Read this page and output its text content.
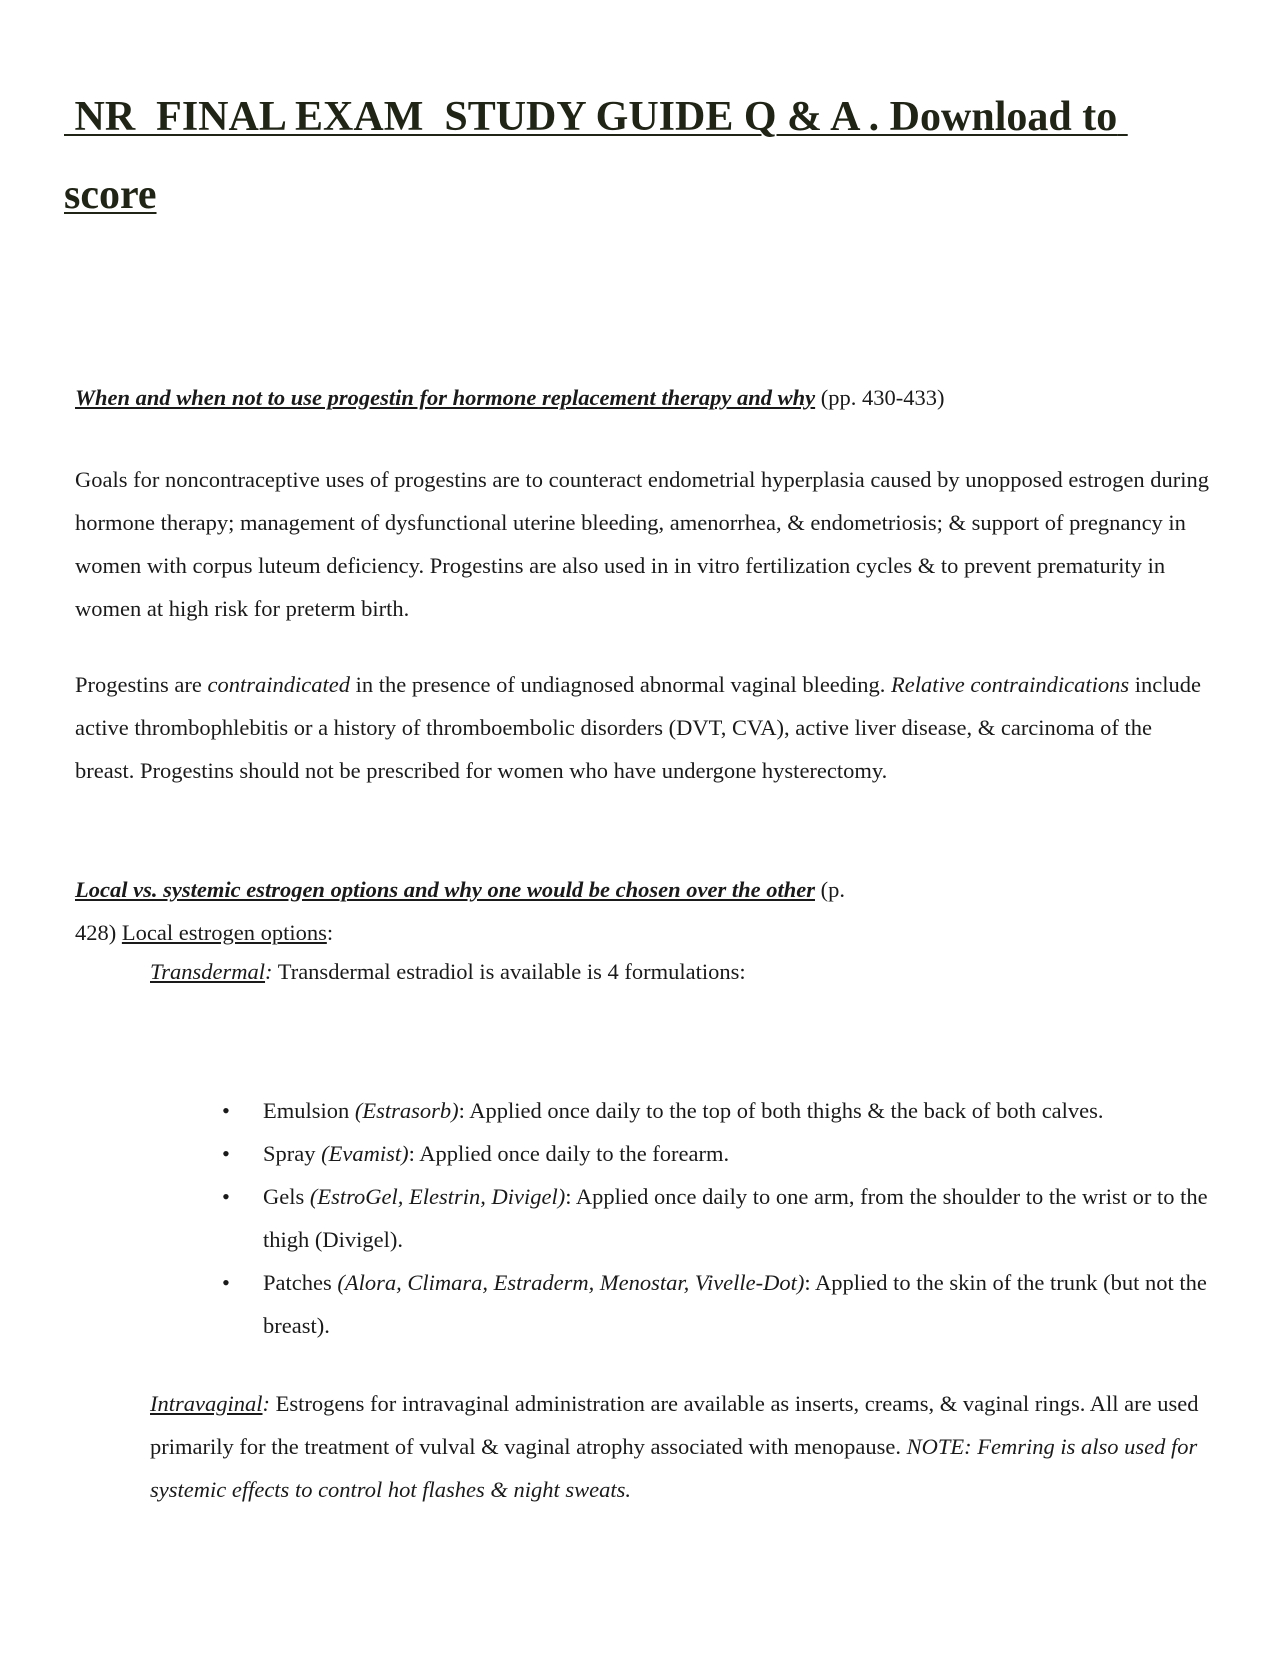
NR  FINAL EXAM  STUDY GUIDE Q & A . Download to score

When and when not to use progestin for hormone replacement therapy and why (pp. 430-433)

Goals for noncontraceptive uses of progestins are to counteract endometrial hyperplasia caused by unopposed estrogen during hormone therapy; management of dysfunctional uterine bleeding, amenorrhea, & endometriosis; & support of pregnancy in women with corpus luteum deficiency. Progestins are also used in in vitro fertilization cycles & to prevent prematurity in women at high risk for preterm birth.

Progestins are contraindicated in the presence of undiagnosed abnormal vaginal bleeding. Relative contraindications include active thrombophlebitis or a history of thromboembolic disorders (DVT, CVA), active liver disease, & carcinoma of the breast. Progestins should not be prescribed for women who have undergone hysterectomy.

Local vs. systemic estrogen options and why one would be chosen over the other (p.
428) Local estrogen options:

Transdermal: Transdermal estradiol is available is 4 formulations:

• Emulsion (Estrasorb): Applied once daily to the top of both thighs & the back of both calves.
• Spray (Evamist): Applied once daily to the forearm.
• Gels (EstroGel, Elestrin, Divigel): Applied once daily to one arm, from the shoulder to the wrist or to the thigh (Divigel).
• Patches (Alora, Climara, Estraderm, Menostar, Vivelle-Dot): Applied to the skin of the trunk (but not the breast).

Intravaginal: Estrogens for intravaginal administration are available as inserts, creams, & vaginal rings. All are used primarily for the treatment of vulval & vaginal atrophy associated with menopause. NOTE: Femring is also used for systemic effects to control hot flashes & night sweats.
